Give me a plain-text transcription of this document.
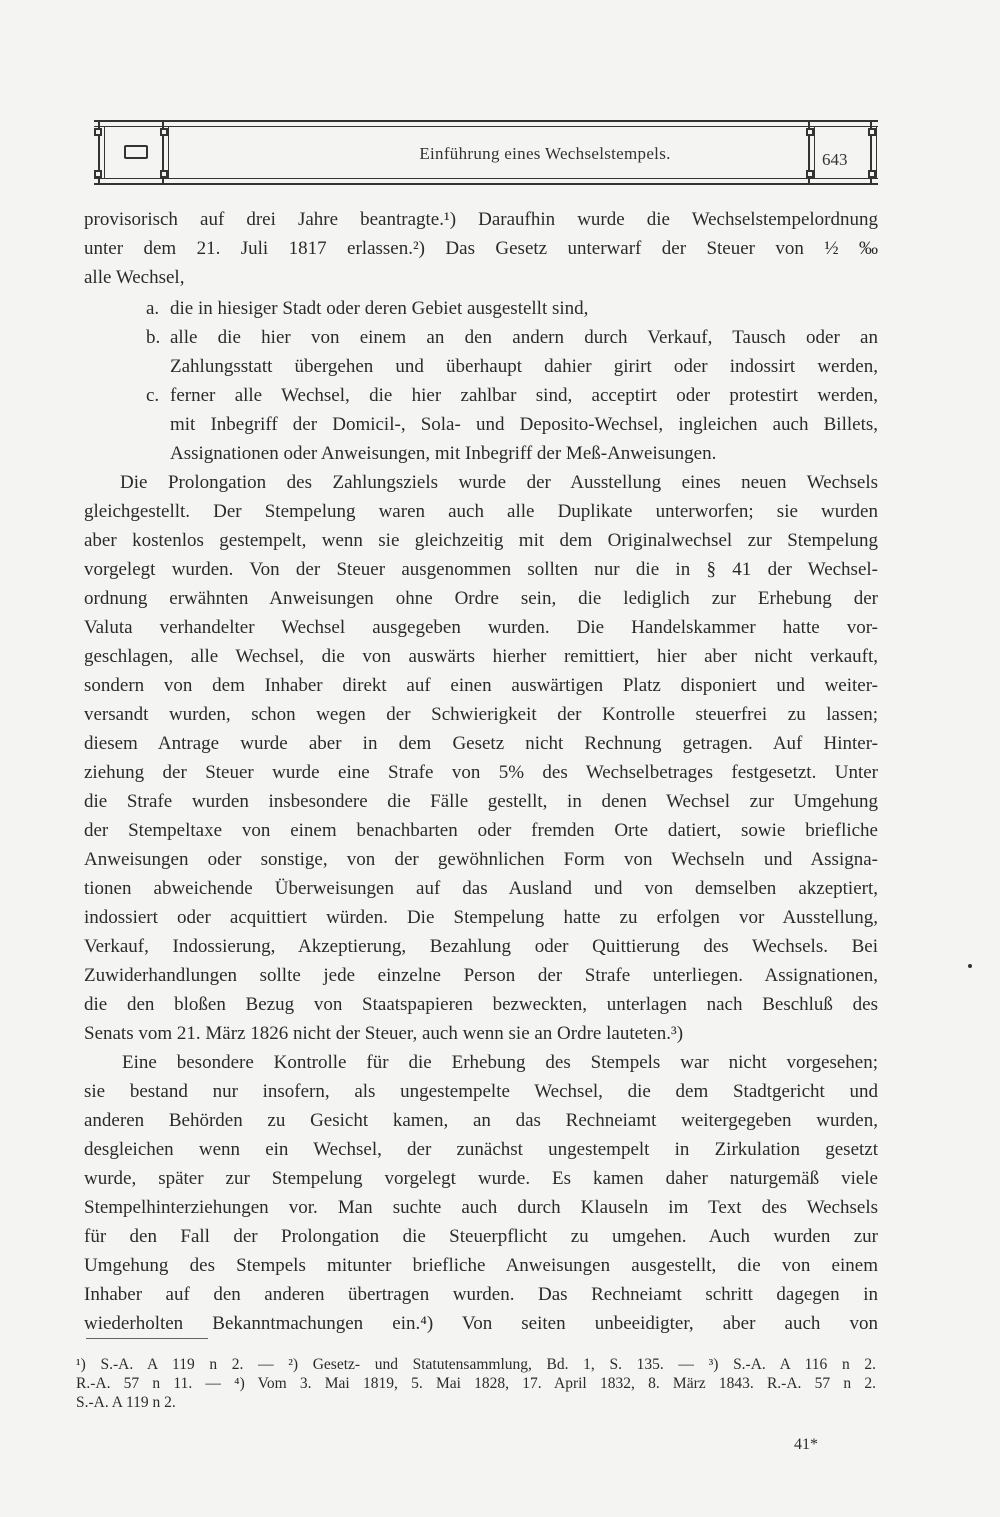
Einführung eines Wechselstempels.	643
provisorisch auf drei Jahre beantragte.¹) Daraufhin wurde die Wechselstempelordnung
unter dem 21. Juli 1817 erlassen.²) Das Gesetz unterwarf der Steuer von ½ ‰
alle Wechsel,
a. die in hiesiger Stadt oder deren Gebiet ausgestellt sind,
b. alle die hier von einem an den andern durch Verkauf, Tausch oder an
Zahlungsstatt übergehen und überhaupt dahier girirt oder indossirt werden,
c. ferner alle Wechsel, die hier zahlbar sind, acceptirt oder protestirt werden,
mit Inbegriff der Domicil-, Sola- und Deposito-Wechsel, ingleichen auch Billets,
Assignationen oder Anweisungen, mit Inbegriff der Meß-Anweisungen.
Die Prolongation des Zahlungsziels wurde der Ausstellung eines neuen Wechsels
gleichgestellt. Der Stempelung waren auch alle Duplikate unterworfen; sie wurden
aber kostenlos gestempelt, wenn sie gleichzeitig mit dem Originalwechsel zur Stempelung
vorgelegt wurden. Von der Steuer ausgenommen sollten nur die in § 41 der Wechsel-
ordnung erwähnten Anweisungen ohne Ordre sein, die lediglich zur Erhebung der
Valuta verhandelter Wechsel ausgegeben wurden. Die Handelskammer hatte vor-
geschlagen, alle Wechsel, die von auswärts hierher remittiert, hier aber nicht verkauft,
sondern von dem Inhaber direkt auf einen auswärtigen Platz disponiert und weiter-
versandt wurden, schon wegen der Schwierigkeit der Kontrolle steuerfrei zu lassen;
diesem Antrage wurde aber in dem Gesetz nicht Rechnung getragen. Auf Hinter-
ziehung der Steuer wurde eine Strafe von 5% des Wechselbetrages festgesetzt. Unter
die Strafe wurden insbesondere die Fälle gestellt, in denen Wechsel zur Umgehung
der Stempeltaxe von einem benachbarten oder fremden Orte datiert, sowie briefliche
Anweisungen oder sonstige, von der gewöhnlichen Form von Wechseln und Assigna-
tionen abweichende Überweisungen auf das Ausland und von demselben akzeptiert,
indossiert oder acquittiert würden. Die Stempelung hatte zu erfolgen vor Ausstellung,
Verkauf, Indossierung, Akzeptierung, Bezahlung oder Quittierung des Wechsels. Bei
Zuwiderhandlungen sollte jede einzelne Person der Strafe unterliegen. Assignationen,
die den bloßen Bezug von Staatspapieren bezweckten, unterlagen nach Beschluß des
Senats vom 21. März 1826 nicht der Steuer, auch wenn sie an Ordre lauteten.³)
Eine besondere Kontrolle für die Erhebung des Stempels war nicht vorgesehen;
sie bestand nur insofern, als ungestempelte Wechsel, die dem Stadtgericht und
anderen Behörden zu Gesicht kamen, an das Rechneiamt weitergegeben wurden,
desgleichen wenn ein Wechsel, der zunächst ungestempelt in Zirkulation gesetzt
wurde, später zur Stempelung vorgelegt wurde. Es kamen daher naturgemäß viele
Stempelhinterziehungen vor. Man suchte auch durch Klauseln im Text des Wechsels
für den Fall der Prolongation die Steuerpflicht zu umgehen. Auch wurden zur
Umgehung des Stempels mitunter briefliche Anweisungen ausgestellt, die von einem
Inhaber auf den anderen übertragen wurden. Das Rechneiamt schritt dagegen in
wiederholten Bekanntmachungen ein.⁴) Von seiten unbeeidigter, aber auch von
¹) S.-A. A 119 n 2. — ²) Gesetz- und Statutensammlung, Bd. 1, S. 135. — ³) S.-A. A 116 n 2.
R.-A. 57 n 11. — ⁴) Vom 3. Mai 1819, 5. Mai 1828, 17. April 1832, 8. März 1843. R.-A. 57 n 2.
S.-A. A 119 n 2.
41*
